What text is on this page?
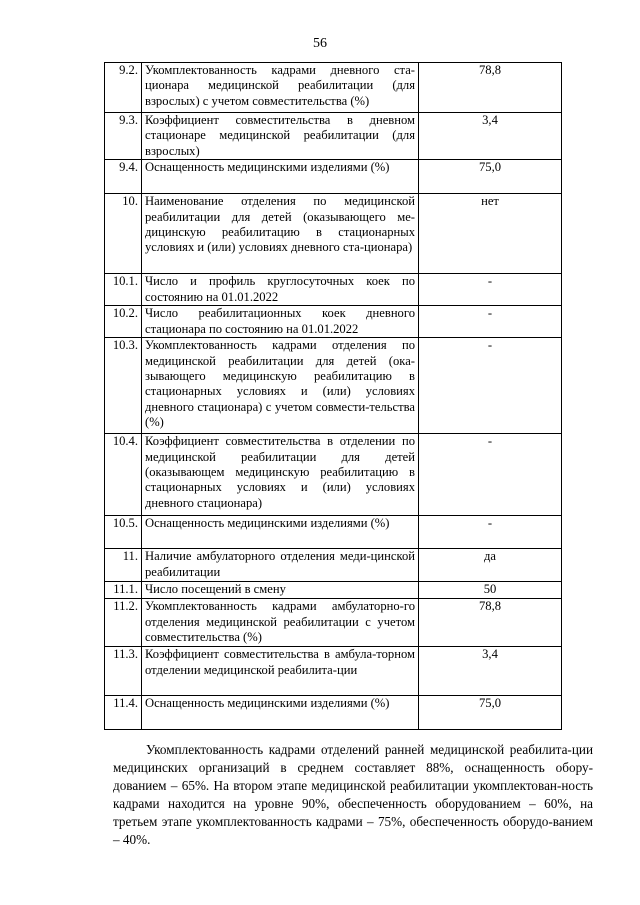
56
9.2.	Укомплектованность кадрами дневного ста-ционара медицинской реабилитации (для взрослых) с учетом совместительства (%)	78,8
9.3.	Коэффициент совместительства в дневном стационаре медицинской реабилитации (для взрослых)	3,4
9.4.	Оснащенность медицинскими изделиями (%)	75,0
10.	Наименование отделения по медицинской реабилитации для детей (оказывающего ме-дицинскую реабилитацию в стационарных условиях и (или) условиях дневного ста-ционара)	нет
10.1.	Число и профиль круглосуточных коек по состоянию на 01.01.2022	-
10.2.	Число реабилитационных коек дневного стационара по состоянию на 01.01.2022	-
10.3.	Укомплектованность кадрами отделения по медицинской реабилитации для детей (ока-зывающего медицинскую реабилитацию в стационарных условиях и (или) условиях дневного стационара) с учетом совмести-тельства (%)	-
10.4.	Коэффициент совместительства в отделении по медицинской реабилитации для детей (оказывающем медицинскую реабилитацию в стационарных условиях и (или) условиях дневного стационара)	-
10.5.	Оснащенность медицинскими изделиями (%)	-
11.	Наличие амбулаторного отделения меди-цинской реабилитации	да
11.1.	Число посещений в смену	50
11.2.	Укомплектованность кадрами амбулаторно-го отделения медицинской реабилитации с учетом совместительства (%)	78,8
11.3.	Коэффициент совместительства в амбула-торном отделении медицинской реабилита-ции	3,4
11.4.	Оснащенность медицинскими изделиями (%)	75,0

Укомплектованность кадрами отделений ранней медицинской реабилита-ции медицинских организаций в среднем составляет 88%, оснащенность обору-дованием – 65%. На втором этапе медицинской реабилитации укомплектован-ность кадрами находится на уровне 90%, обеспеченность оборудованием – 60%, на третьем этапе укомплектованность кадрами – 75%, обеспеченность оборудо-ванием – 40%.
